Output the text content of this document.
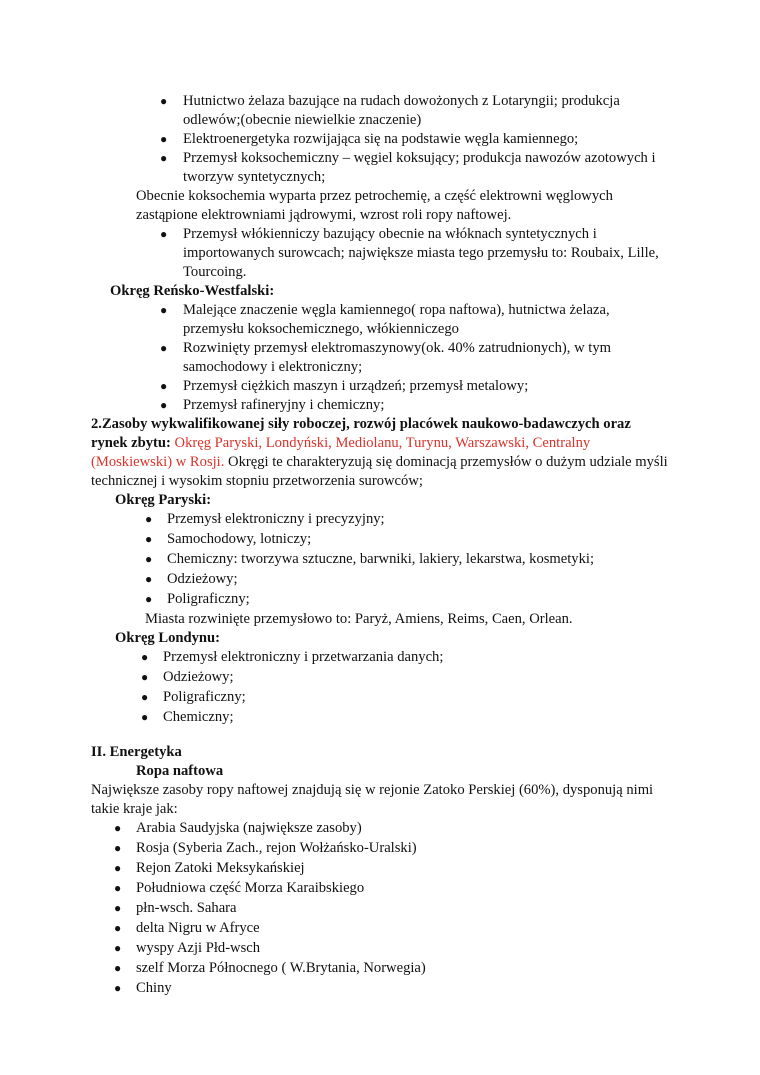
● Hutnictwo żelaza bazujące na rudach dowożonych z Lotaryngii; produkcja odlewów;(obecnie niewielkie znaczenie)
● Elektroenergetyka rozwijająca się na podstawie węgla kamiennego;
● Przemysł koksochemiczny – węgiel koksujący; produkcja nawozów azotowych i tworzyw syntetycznych;
Obecnie koksochemia wyparta przez petrochemię, a część elektrowni węglowych zastąpione elektrowniami jądrowymi, wzrost roli ropy naftowej.
● Przemysł włókienniczy bazujący obecnie na włóknach syntetycznych i importowanych surowcach; największe miasta tego przemysłu to: Roubaix, Lille, Tourcoing.
Okręg Reńsko-Westfalski:
● Malejące znaczenie węgla kamiennego( ropa naftowa), hutnictwa żelaza, przemysłu koksochemicznego, włókienniczego
● Rozwinięty przemysł elektromaszynowy(ok. 40% zatrudnionych), w tym samochodowy i elektroniczny;
● Przemysł ciężkich maszyn i urządzeń; przemysł metalowy;
● Przemysł rafineryjny i chemiczny;
2.Zasoby wykwalifikowanej siły roboczej, rozwój placówek naukowo-badawczych oraz rynek zbytu: Okręg Paryski, Londyński, Mediolanu, Turynu, Warszawski, Centralny (Moskiewski) w Rosji. Okręgi te charakteryzują się dominacją przemysłów o dużym udziale myśli technicznej i wysokim stopniu przetworzenia surowców;
Okręg Paryski:
● Przemysł elektroniczny i precyzyjny;
● Samochodowy, lotniczy;
● Chemiczny: tworzywa sztuczne, barwniki, lakiery, lekarstwa, kosmetyki;
● Odzieżowy;
● Poligraficzny;
Miasta rozwinięte przemysłowo to: Paryż, Amiens, Reims, Caen, Orlean.
Okręg Londynu:
● Przemysł elektroniczny i przetwarzania danych;
● Odzieżowy;
● Poligraficzny;
● Chemiczny;
II. Energetyka
Ropa naftowa
Największe zasoby ropy naftowej znajdują się w rejonie Zatoko Perskiej (60%), dysponują nimi takie kraje jak:
● Arabia Saudyjska (największe zasoby)
● Rosja (Syberia Zach., rejon Wołżańsko-Uralski)
● Rejon Zatoki Meksykańskiej
● Południowa część Morza Karaibskiego
● płn-wsch. Sahara
● delta Nigru w Afryce
● wyspy Azji Płd-wsch
● szelf Morza Północnego ( W.Brytania, Norwegia)
● Chiny
